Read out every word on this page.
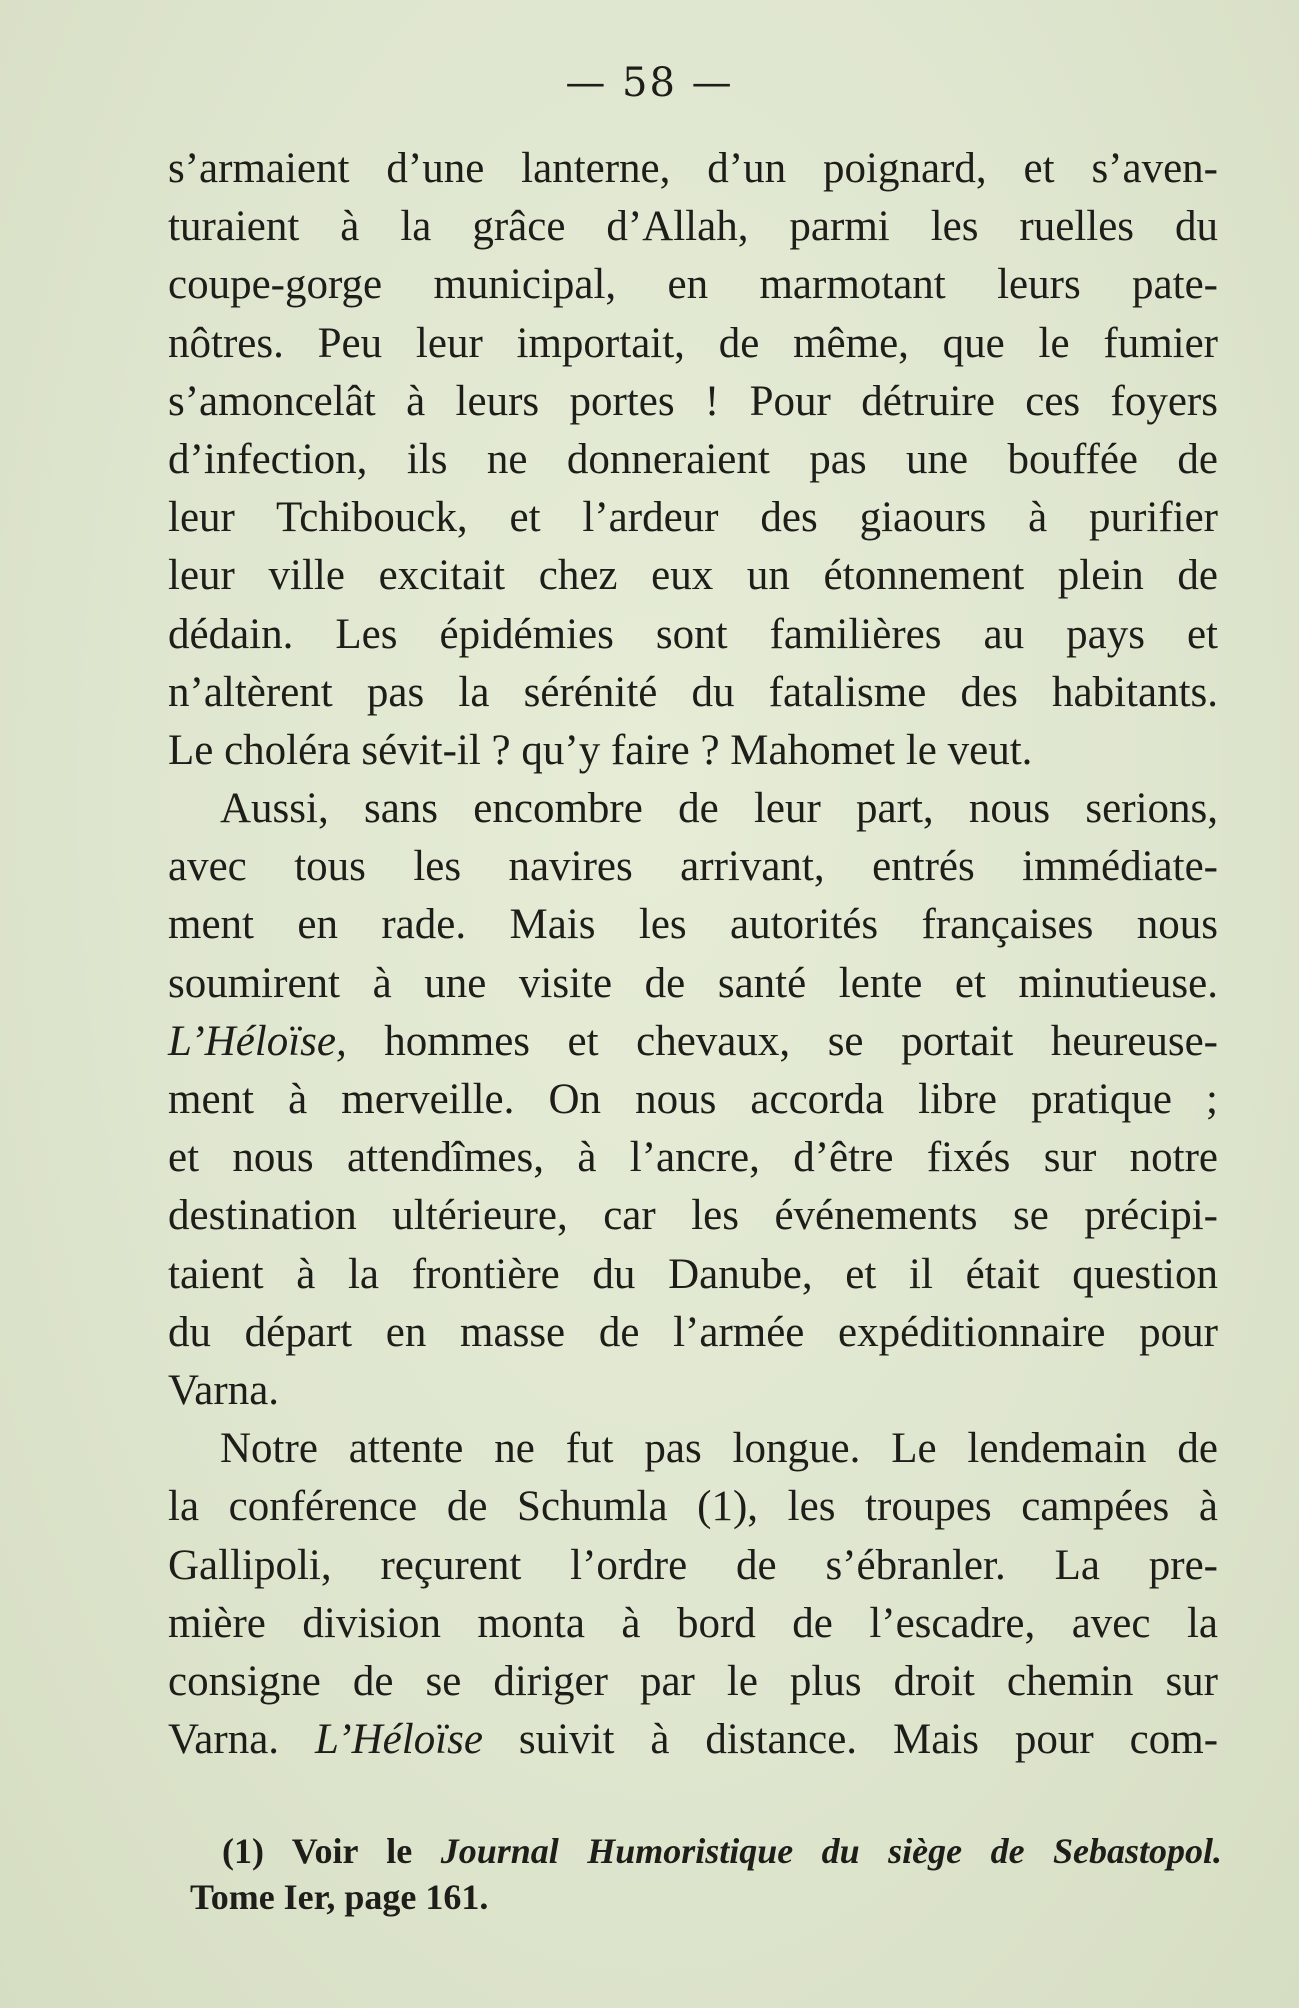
— 58 —
s’armaient d’une lanterne, d’un poignard, et s’aven-
turaient à la grâce d’Allah, parmi les ruelles du
coupe-gorge municipal, en marmotant leurs pate-
nôtres. Peu leur importait, de même, que le fumier
s’amoncelât à leurs portes ! Pour détruire ces foyers
d’infection, ils ne donneraient pas une bouffée de
leur Tchibouck, et l’ardeur des giaours à purifier
leur ville excitait chez eux un étonnement plein de
dédain. Les épidémies sont familières au pays et
n’altèrent pas la sérénité du fatalisme des habitants.
Le choléra sévit-il ? qu’y faire ? Mahomet le veut.
Aussi, sans encombre de leur part, nous serions,
avec tous les navires arrivant, entrés immédiate-
ment en rade. Mais les autorités françaises nous
soumirent à une visite de santé lente et minutieuse.
L’Héloïse, hommes et chevaux, se portait heureuse-
ment à merveille. On nous accorda libre pratique ;
et nous attendîmes, à l’ancre, d’être fixés sur notre
destination ultérieure, car les événements se précipi-
taient à la frontière du Danube, et il était question
du départ en masse de l’armée expéditionnaire pour
Varna.
Notre attente ne fut pas longue. Le lendemain de
la conférence de Schumla (1), les troupes campées à
Gallipoli, reçurent l’ordre de s’ébranler. La pre-
mière division monta à bord de l’escadre, avec la
consigne de se diriger par le plus droit chemin sur
Varna. L’Héloïse suivit à distance. Mais pour com-
(1) Voir le Journal Humoristique du siège de Sebastopol.
Tome Ier, page 161.
